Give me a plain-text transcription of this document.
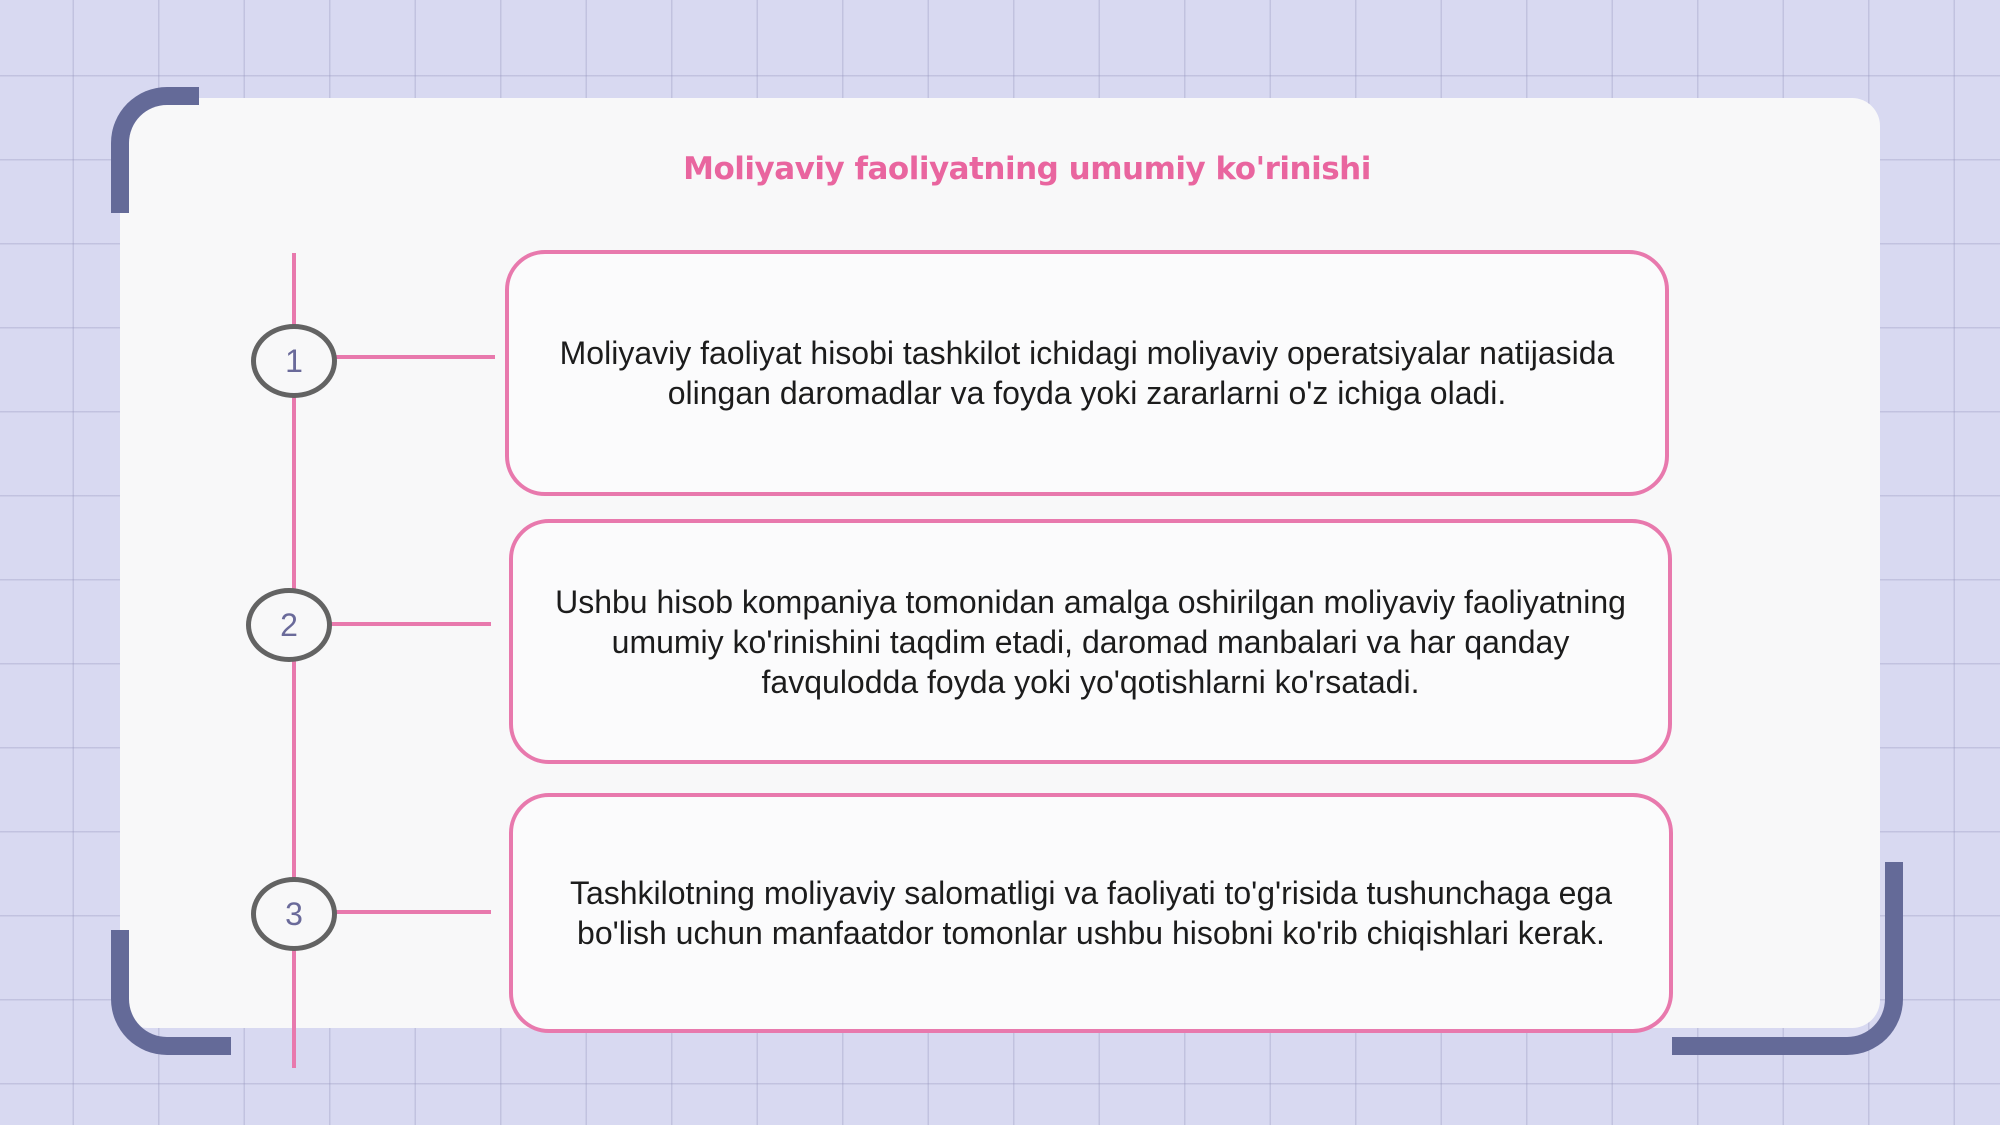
Moliyaviy faoliyatning umumiy ko'rinishi
1	Moliyaviy faoliyat hisobi tashkilot ichidagi moliyaviy operatsiyalar natijasida olingan daromadlar va foyda yoki zararlarni o'z ichiga oladi.
2
Ushbu hisob kompaniya tomonidan amalga oshirilgan moliyaviy faoliyatning umumiy ko'rinishini taqdim etadi, daromad manbalari va har qanday favqulodda foyda yoki yo'qotishlarni ko'rsatadi.
3
Tashkilotning moliyaviy salomatligi va faoliyati to'g'risida tushunchaga ega bo'lish uchun manfaatdor tomonlar ushbu hisobni ko'rib chiqishlari kerak.
